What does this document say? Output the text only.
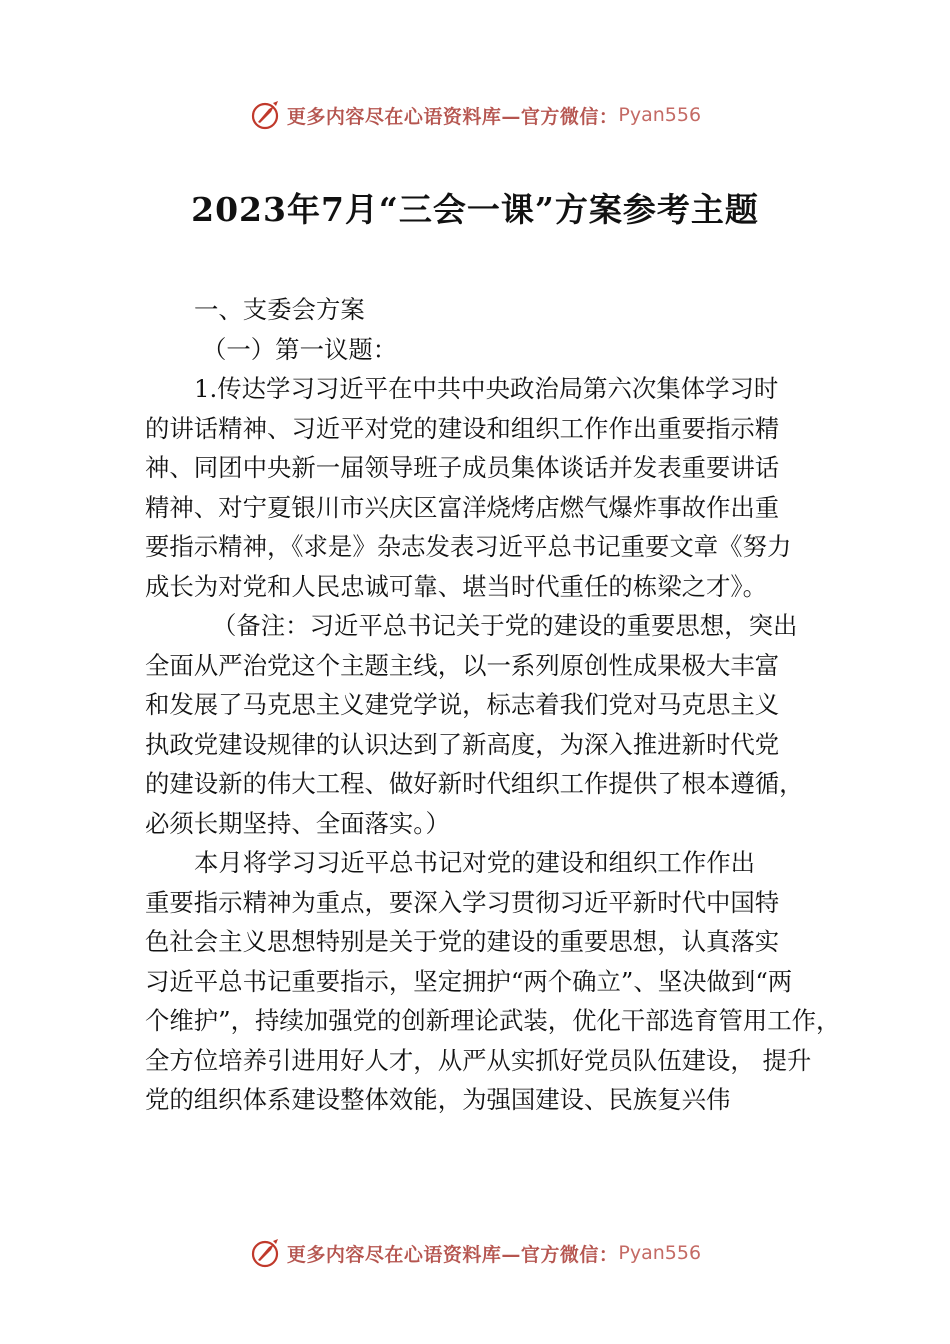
更多内容尽在心语资料库—官方微信： Pyan556
2023年7月“三会一课”方案参考主题
一、支委会方案
（一）第一议题：
1.传达学习习近平在中共中央政治局第六次集体学习时
的讲话精神、习近平对党的建设和组织工作作出重要指示精
神、同团中央新一届领导班子成员集体谈话并发表重要讲话
精神、对宁夏银川市兴庆区富洋烧烤店燃气爆炸事故作出重
要指示精神，《求是》杂志发表习近平总书记重要文章《努力
成长为对党和人民忠诚可靠、堪当时代重任的栋梁之才》。
（备注：习近平总书记关于党的建设的重要思想，突出
全面从严治党这个主题主线，以一系列原创性成果极大丰富
和发展了马克思主义建党学说，标志着我们党对马克思主义
执政党建设规律的认识达到了新高度，为深入推进新时代党
的建设新的伟大工程、做好新时代组织工作提供了根本遵循，
必须长期坚持、全面落实。）
本月将学习习近平总书记对党的建设和组织工作作出
重要指示精神为重点，要深入学习贯彻习近平新时代中国特
色社会主义思想特别是关于党的建设的重要思想，认真落实
习近平总书记重要指示，坚定拥护“两个确立”、坚决做到“两
个维护”，持续加强党的创新理论武装，优化干部选育管用工作，
全方位培养引进用好人才，从严从实抓好党员队伍建设， 提升
党的组织体系建设整体效能，为强国建设、民族复兴伟
更多内容尽在心语资料库—官方微信： Pyan556
